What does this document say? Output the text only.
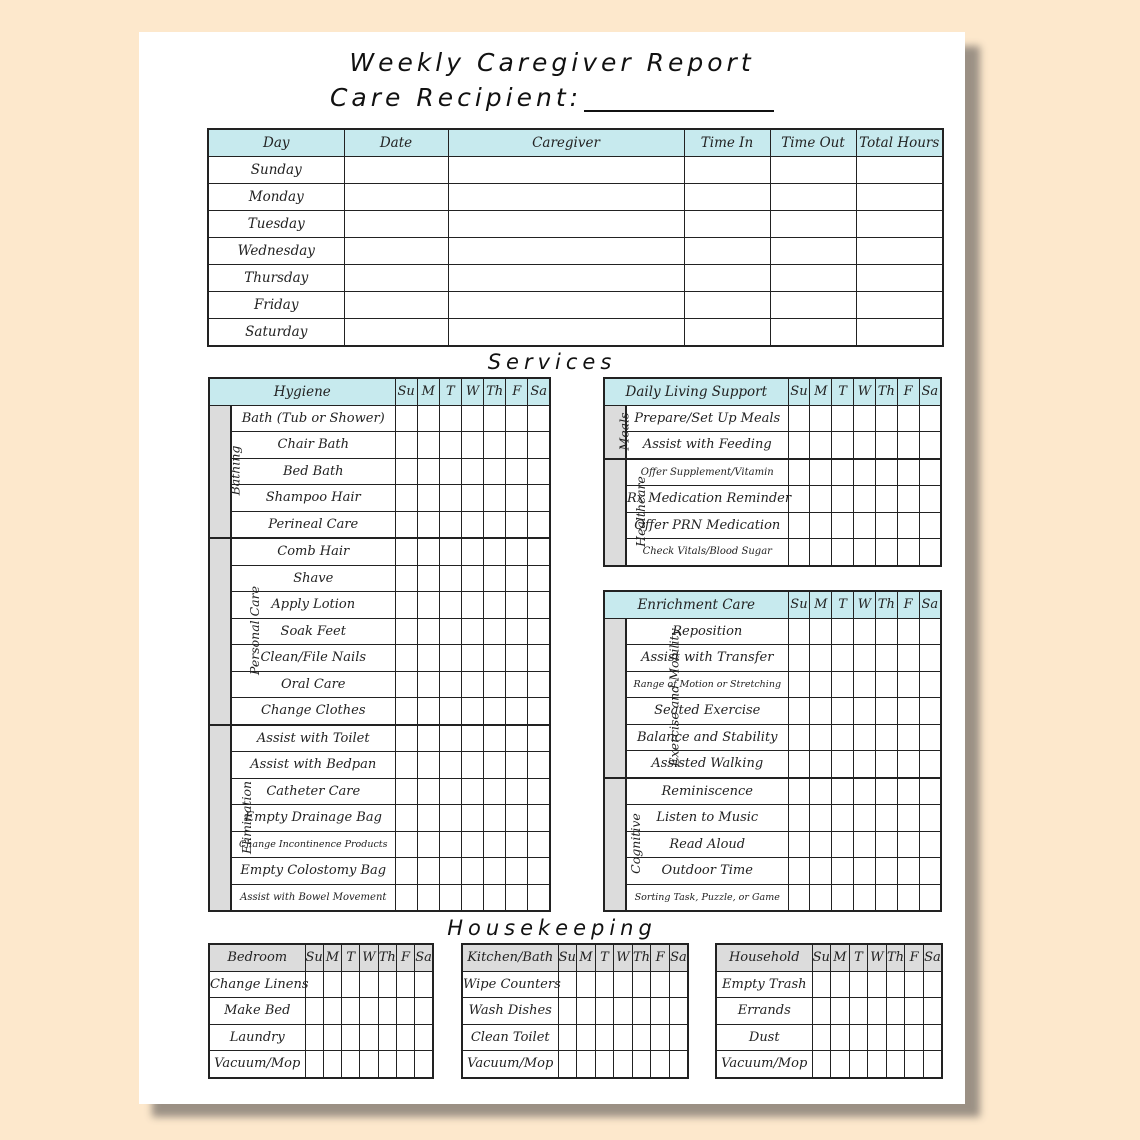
Weekly Caregiver Report
Care Recipient:
Day	Date	Caregiver	Time In	Time Out	Total Hours
Sunday					
Monday					
Tuesday					
Wednesday					
Thursday					
Friday					
Saturday					
Services
Hygiene		Su	M	T	W	Th	F	Sa
Bathing	Bath (Tub or Shower)							
	Chair Bath							
	Bed Bath							
	Shampoo Hair							
	Perineal Care							
Personal Care	Comb Hair							
	Shave							
	Apply Lotion							
	Soak Feet							
	Clean/File Nails							
	Oral Care							
	Change Clothes							
Elimination	Assist with Toilet							
	Assist with Bedpan							
	Catheter Care							
	Empty Drainage Bag							
	Change Incontinence Products							
	Empty Colostomy Bag							
	Assist with Bowel Movement							
Daily Living Support		Su	M	T	W	Th	F	Sa
Meals	Prepare/Set Up Meals							
	Assist with Feeding							
Healthcare	Offer Supplement/Vitamin							
	Rx Medication Reminder							
	Offer PRN Medication							
	Check Vitals/Blood Sugar							
Enrichment Care		Su	M	T	W	Th	F	Sa
Exercise and Mobility	Reposition							
	Assist with Transfer							
	Range of Motion or Stretching							
	Seated Exercise							
	Balance and Stability							
	Assisted Walking							
Cognitive	Reminiscence							
	Listen to Music							
	Read Aloud							
	Outdoor Time							
	Sorting Task, Puzzle, or Game							
Housekeeping
Bedroom	Su	M	T	W	Th	F	Sa
Change Linens							
Make Bed							
Laundry							
Vacuum/Mop							
Kitchen/Bath	Su	M	T	W	Th	F	Sa
Wipe Counters							
Wash Dishes							
Clean Toilet							
Vacuum/Mop							
Household	Su	M	T	W	Th	F	Sa
Empty Trash							
Errands							
Dust							
Vacuum/Mop							
